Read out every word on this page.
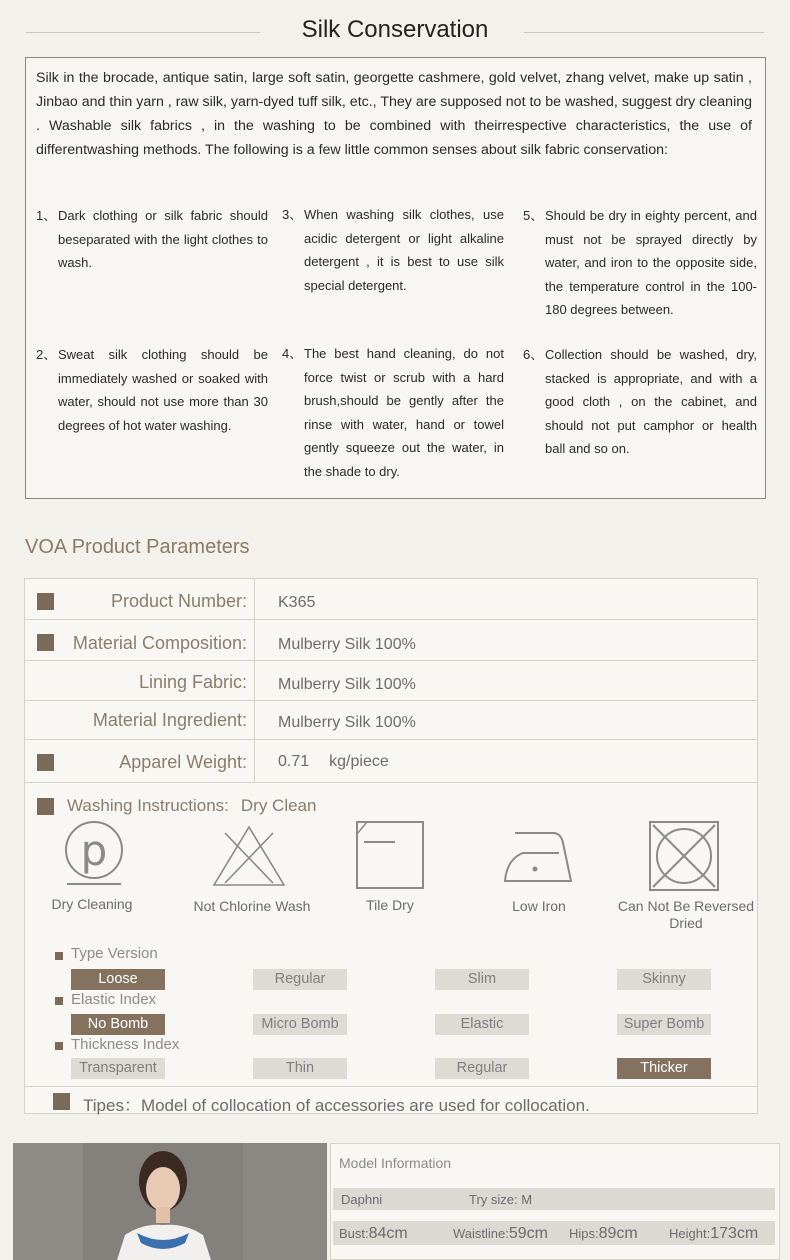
Silk Conservation

Silk in the brocade, antique satin, large soft satin, georgette cashmere, gold velvet, zhang velvet, make up satin , Jinbao and thin yarn , raw silk, yarn-dyed tuff silk, etc., They are supposed not to be washed, suggest dry cleaning . Washable silk fabrics , in the washing to be combined with theirrespective characteristics, the use of differentwashing methods. The following is a few little common senses about silk fabric conservation:

1、 Dark clothing or silk fabric should beseparated with the light clothes to wash.
2、 Sweat silk clothing should be immediately washed or soaked with water, should not use more than 30 degrees of hot water washing.
3、 When washing silk clothes, use acidic detergent or light alkaline detergent , it is best to use silk special detergent.
4、 The best hand cleaning, do not force twist or scrub with a hard brush,should be gently after the rinse with water, hand or towel gently squeeze out the water, in the shade to dry.
5、 Should be dry in eighty percent, and must not be sprayed directly by water, and iron to the opposite side, the temperature control in the 100-180 degrees between.
6、 Collection should be washed, dry, stacked is appropriate, and with a good cloth , on the cabinet, and should not put camphor or health ball and so on.
VOA Product Parameters
Product Number: K365
Material Composition: Mulberry Silk 100%
Lining Fabric: Mulberry Silk 100%
Material Ingredient: Mulberry Silk 100%
Apparel Weight: 0.71 kg/piece
Washing Instructions: Dry Clean
p
Dry Cleaning	Not Chlorine Wash	Tile Dry	Low Iron	Can Not Be Reversed Dried
Type Version
Loose	Regular	Slim	Skinny
Elastic Index
No Bomb	Micro Bomb	Elastic	Super Bomb
Thickness Index
Transparent	Thin	Regular	Thicker
Tipes：Model of collocation of accessories are used for collocation.
Model Information
Daphni	Try size: M
Bust:84cm	Waistline:59cm Hips:89cm Height:173cm
